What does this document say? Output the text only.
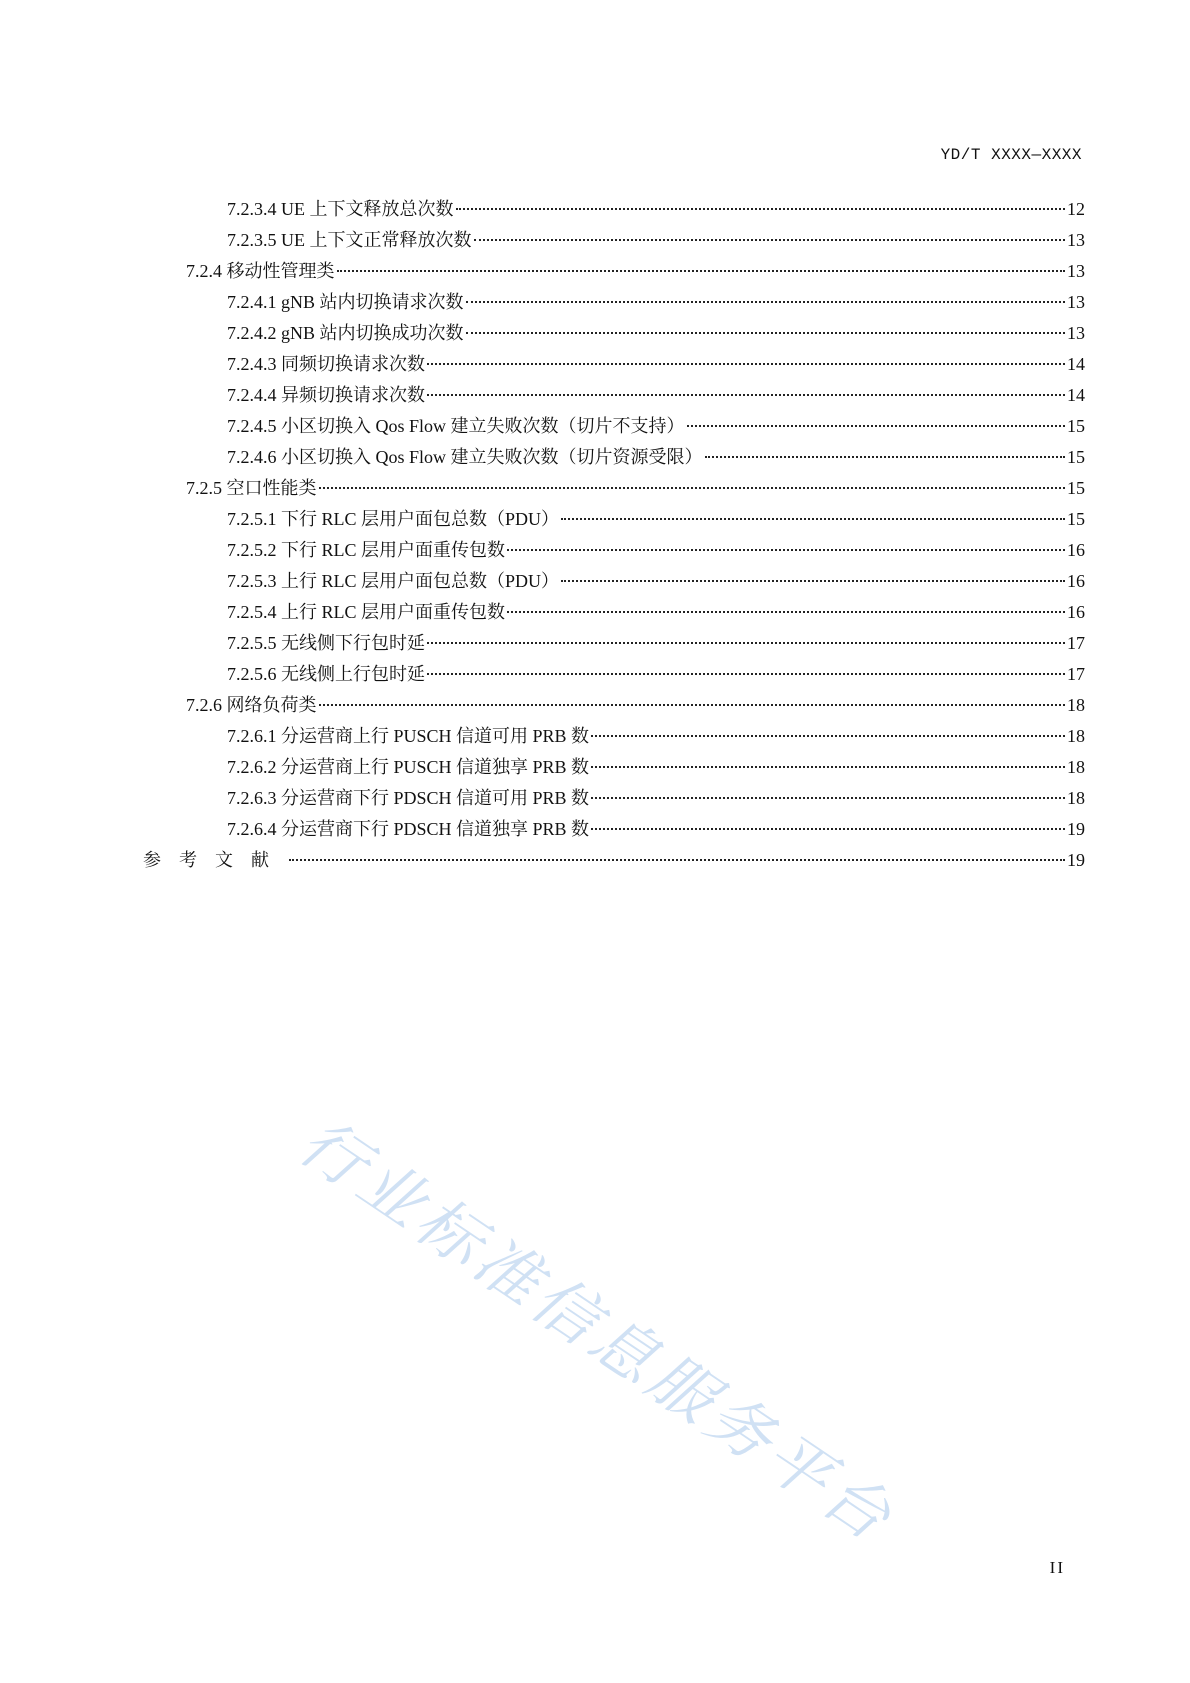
YD/T XXXX—XXXX
7.2.3.4 UE 上下文释放总次数	12
7.2.3.5 UE 上下文正常释放次数	13
7.2.4 移动性管理类	13
7.2.4.1 gNB 站内切换请求次数	13
7.2.4.2 gNB 站内切换成功次数	13
7.2.4.3 同频切换请求次数	14
7.2.4.4 异频切换请求次数	14
7.2.4.5 小区切换入 Qos Flow 建立失败次数（切片不支持）	15
7.2.4.6 小区切换入 Qos Flow 建立失败次数（切片资源受限）	15
7.2.5 空口性能类	15
7.2.5.1 下行 RLC 层用户面包总数（PDU）	15
7.2.5.2 下行 RLC 层用户面重传包数	16
7.2.5.3 上行 RLC 层用户面包总数（PDU）	16
7.2.5.4 上行 RLC 层用户面重传包数	16
7.2.5.5 无线侧下行包时延	17
7.2.5.6 无线侧上行包时延	17
7.2.6 网络负荷类	18
7.2.6.1 分运营商上行 PUSCH 信道可用 PRB 数	18
7.2.6.2 分运营商上行 PUSCH 信道独享 PRB 数	18
7.2.6.3 分运营商下行 PDSCH 信道可用 PRB 数	18
7.2.6.4 分运营商下行 PDSCH 信道独享 PRB 数	19
参考文献	19
行业标准信息服务平台
II
